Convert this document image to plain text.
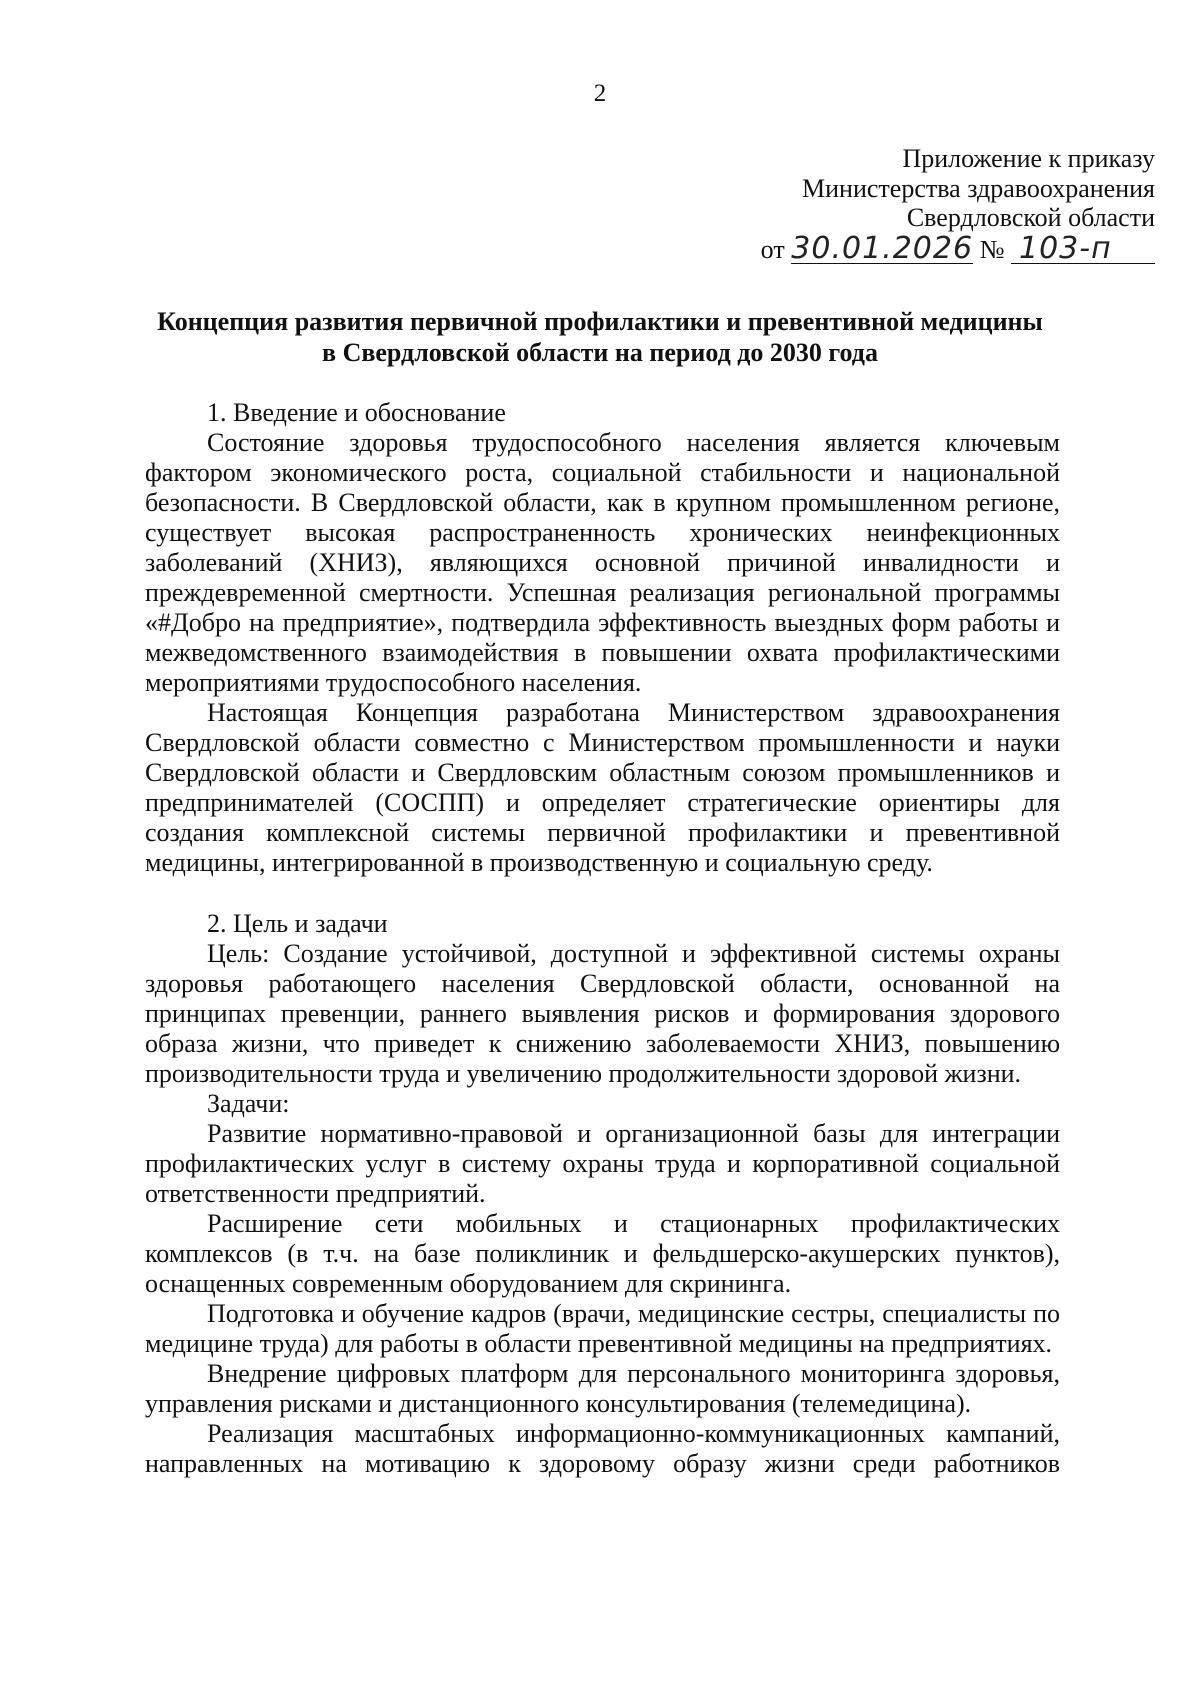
2
Приложение к приказу
Министерства здравоохранения
Свердловской области
от 30.01.2026 № 103-п
Концепция развития первичной профилактики и превентивной медицины
в Свердловской области на период до 2030 года

1. Введение и обоснование

Состояние здоровья трудоспособного населения является ключевым фактором экономического роста, социальной стабильности и национальной безопасности. В Свердловской области, как в крупном промышленном регионе, существует высокая распространенность хронических неинфекционных заболеваний (ХНИЗ), являющихся основной причиной инвалидности и преждевременной смертности. Успешная реализация региональной программы «#Добро на предприятие», подтвердила эффективность выездных форм работы и межведомственного взаимодействия в повышении охвата профилактическими мероприятиями трудоспособного населения.

Настоящая Концепция разработана Министерством здравоохранения Свердловской области совместно с Министерством промышленности и науки Свердловской области и Свердловским областным союзом промышленников и предпринимателей (СОСПП) и определяет стратегические ориентиры для создания комплексной системы первичной профилактики и превентивной медицины, интегрированной в производственную и социальную среду.

2. Цель и задачи

Цель: Создание устойчивой, доступной и эффективной системы охраны здоровья работающего населения Свердловской области, основанной на принципах превенции, раннего выявления рисков и формирования здорового образа жизни, что приведет к снижению заболеваемости ХНИЗ, повышению производительности труда и увеличению продолжительности здоровой жизни.

Задачи:

Развитие нормативно-правовой и организационной базы для интеграции профилактических услуг в систему охраны труда и корпоративной социальной ответственности предприятий.

Расширение сети мобильных и стационарных профилактических комплексов (в т.ч. на базе поликлиник и фельдшерско-акушерских пунктов), оснащенных современным оборудованием для скрининга.

Подготовка и обучение кадров (врачи, медицинские сестры, специалисты по медицине труда) для работы в области превентивной медицины на предприятиях.

Внедрение цифровых платформ для персонального мониторинга здоровья, управления рисками и дистанционного консультирования (телемедицина).

Реализация масштабных информационно-коммуникационных кампаний, направленных на мотивацию к здоровому образу жизни среди работников
